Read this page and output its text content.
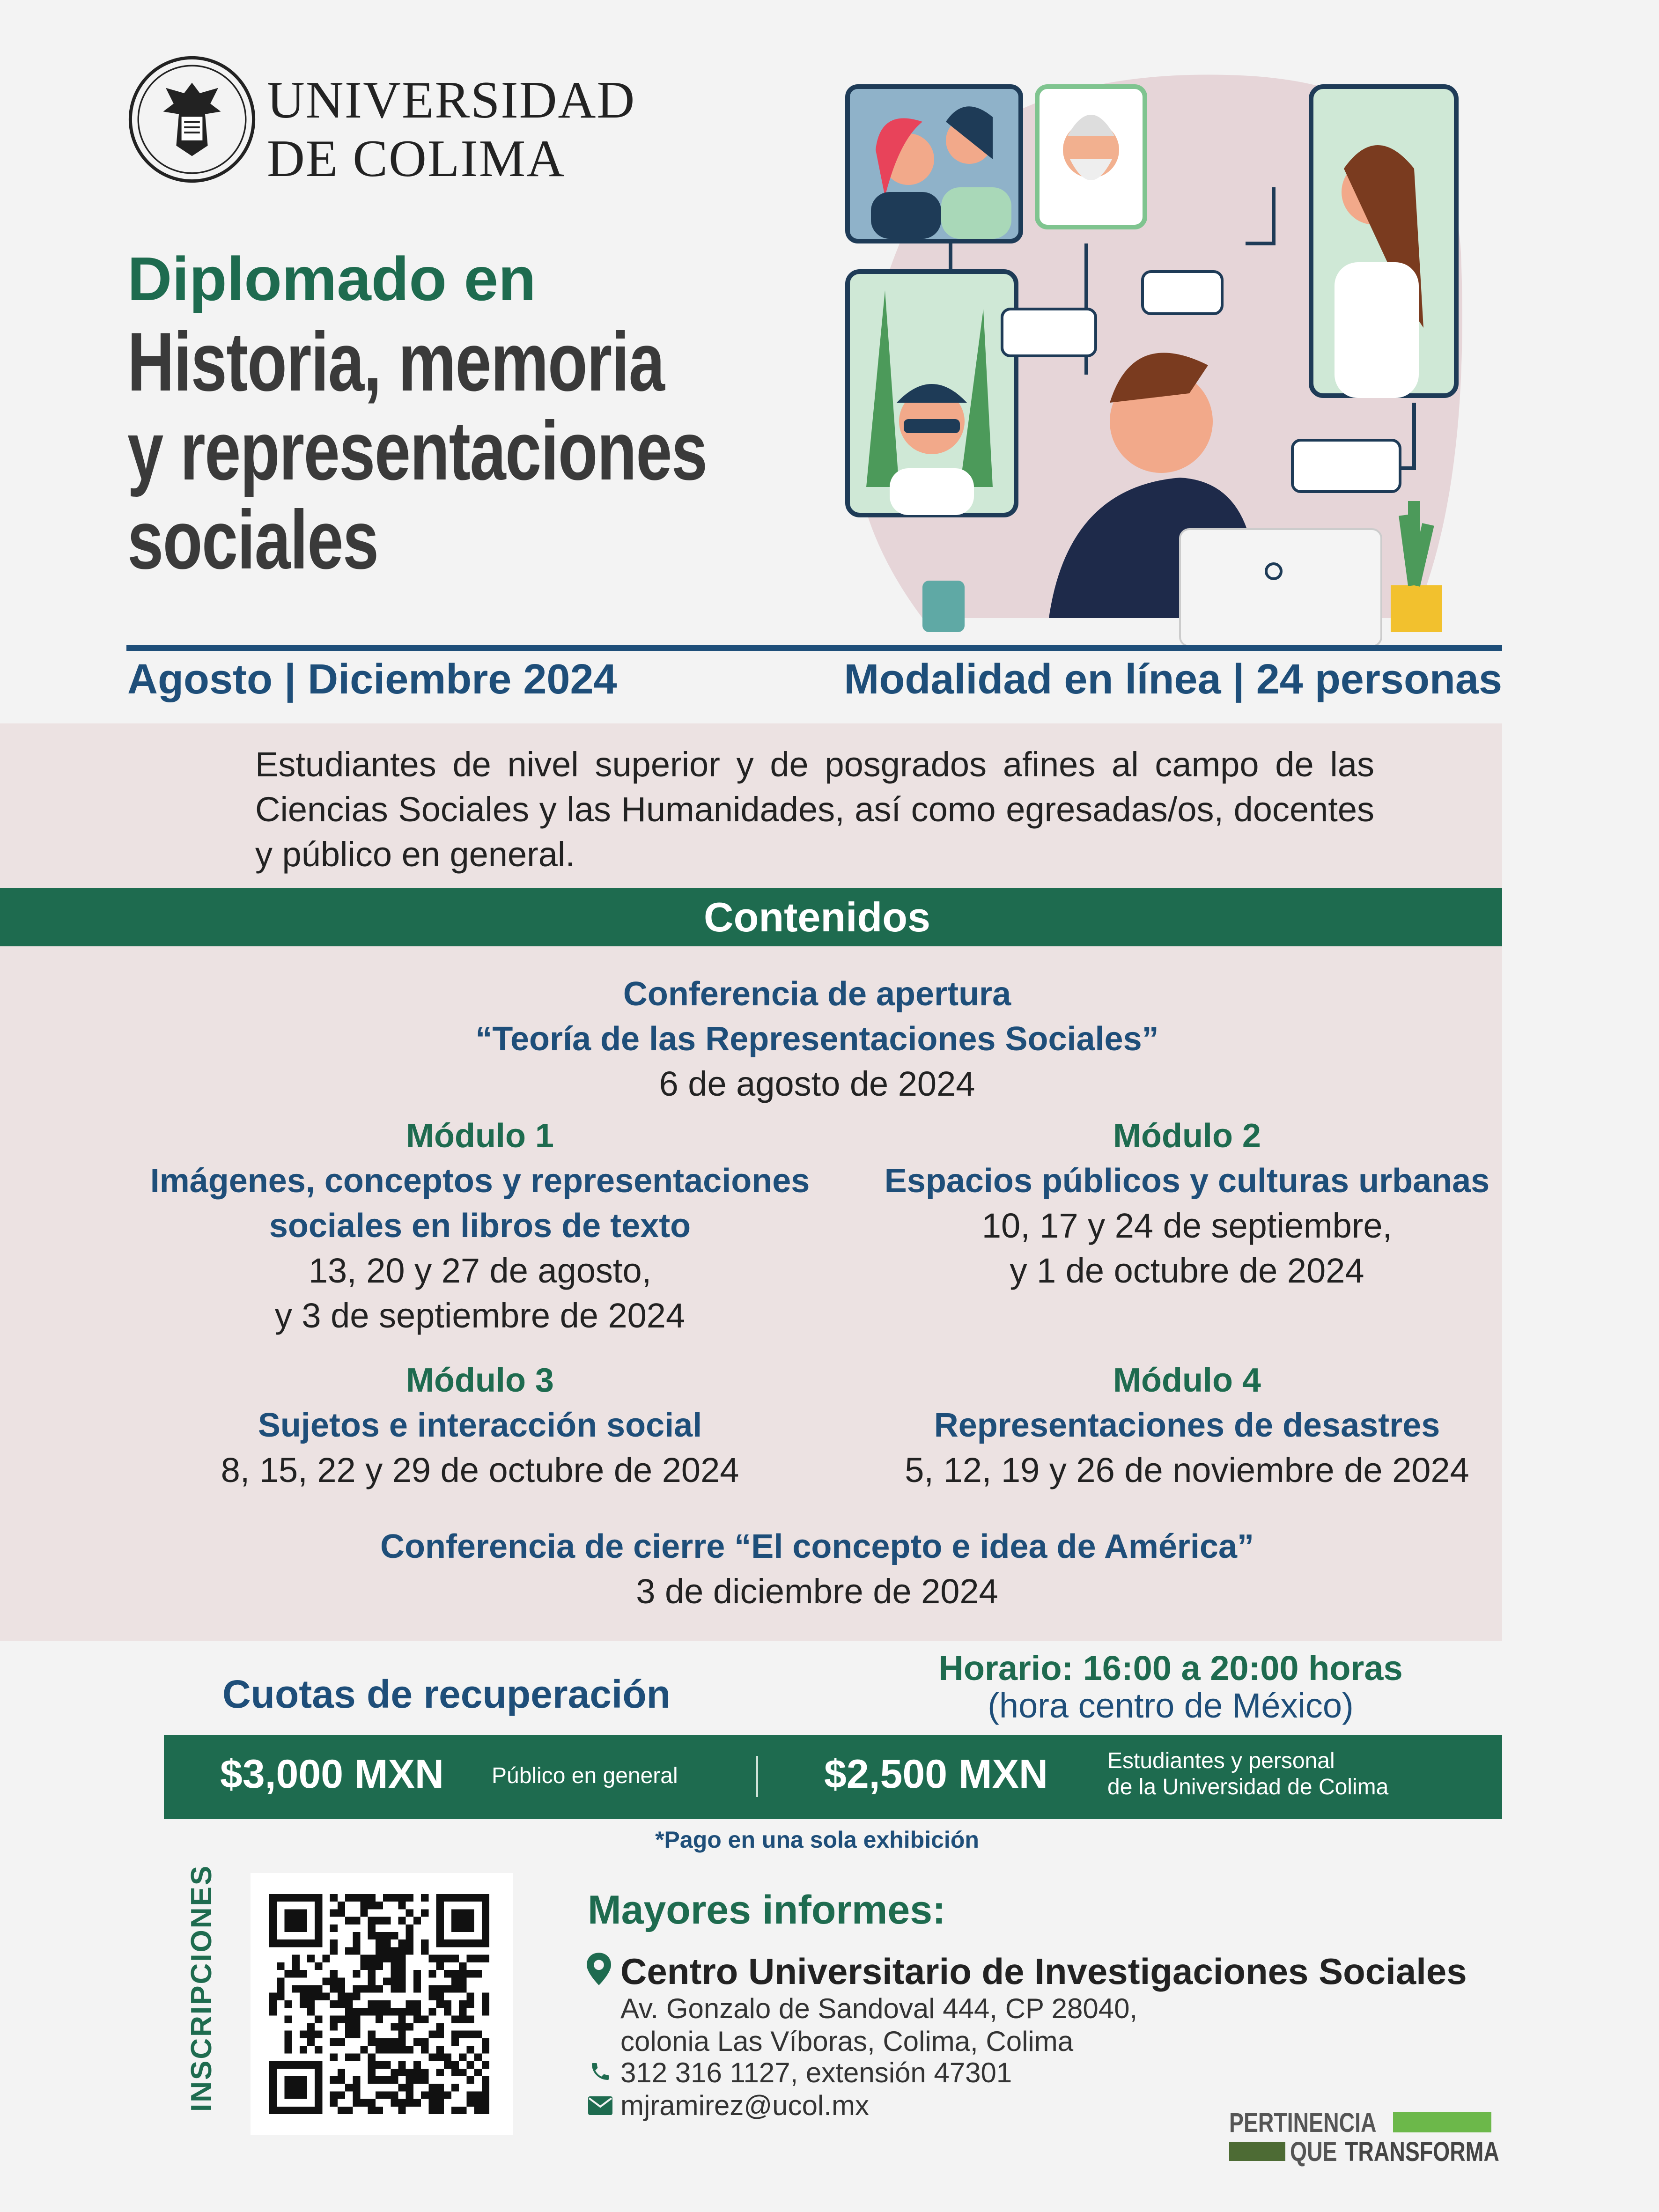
UNIVERSIDAD
DE COLIMA
Diplomado en
Historia, memoria
y representaciones
sociales
Agosto | Diciembre 2024	Modalidad en línea | 24 personas
Estudiantes de nivel superior y de posgrados afines al campo de las Ciencias Sociales y las Humanidades, así como egresadas/os, docentes y público en general.
Contenidos
Conferencia de apertura
“Teoría de las Representaciones Sociales”
6 de agosto de 2024
Módulo 1
Imágenes, conceptos y representaciones
sociales en libros de texto
13, 20 y 27 de agosto,
y 3 de septiembre de 2024
Módulo 2
Espacios públicos y culturas urbanas
10, 17 y 24 de septiembre,
y 1 de octubre de 2024
Módulo 3
Sujetos e interacción social
8, 15, 22 y 29 de octubre de 2024
Módulo 4
Representaciones de desastres
5, 12, 19 y 26 de noviembre de 2024
Conferencia de cierre “El concepto e idea de América”
3 de diciembre de 2024
Cuotas de recuperación
Horario: 16:00 a 20:00 horas
(hora centro de México)
$3,000 MXN Público en general	$2,500 MXN	Estudiantes y personal
de la Universidad de Colima
*Pago en una sola exhibición
INSCRIPCIONES	Mayores informes:
Centro Universitario de Investigaciones Sociales
Av. Gonzalo de Sandoval 444, CP 28040,
colonia Las Víboras, Colima, Colima
312 316 1127, extensión 47301
mjramirez@ucol.mx
PERTINENCIA
QUE TRANSFORMA
